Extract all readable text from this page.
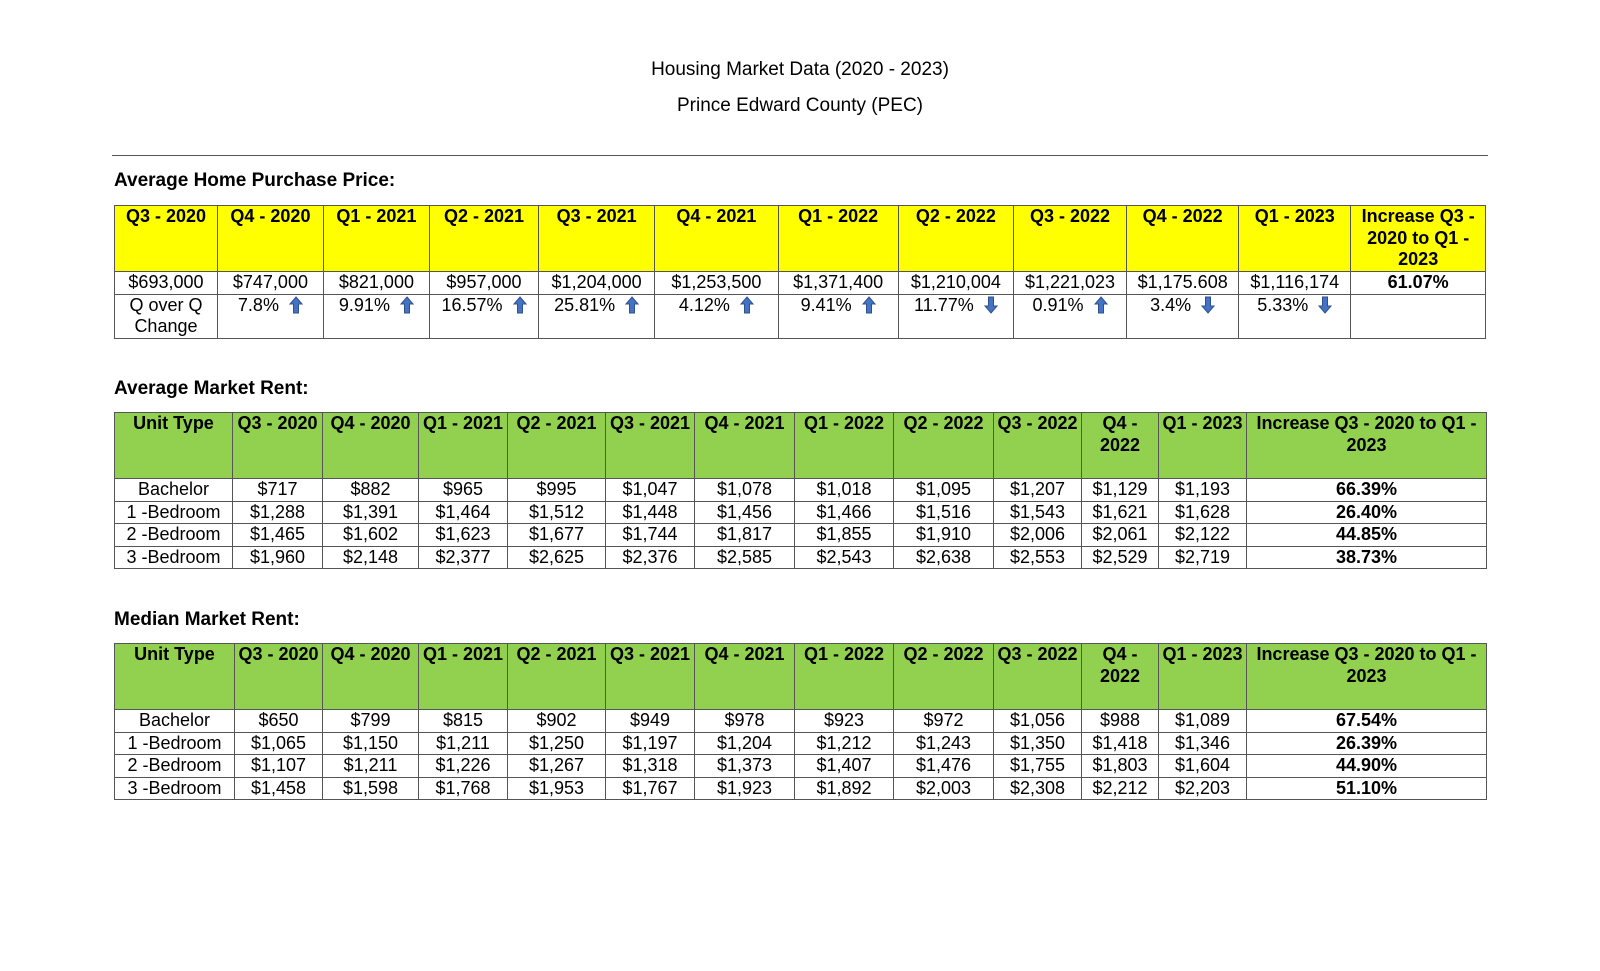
Housing Market Data (2020 - 2023)
Prince Edward County (PEC)
Average Home Purchase Price:
Q3 - 2020	Q4 - 2020	Q1 - 2021	Q2 - 2021	Q3 - 2021	Q4 - 2021	Q1 - 2022	Q2 - 2022	Q3 - 2022	Q4 - 2022	Q1 - 2023	Increase Q3 - 2020 to Q1 - 2023
$693,000	$747,000	$821,000	$957,000	$1,204,000	$1,253,500	$1,371,400	$1,210,004	$1,221,023	$1,175.608	$1,116,174	61.07%
Q over Q Change	7.8%	9.91%	16.57%	25.81%	4.12%	9.41%	11.77%	0.91%	3.4%	5.33%	

Average Market Rent:
Unit Type	Q3 - 2020	Q4 - 2020	Q1 - 2021	Q2 - 2021	Q3 - 2021	Q4 - 2021	Q1 - 2022	Q2 - 2022	Q3 - 2022	Q4 - 2022	Q1 - 2023	Increase Q3 - 2020 to Q1 - 2023
Bachelor	$717	$882	$965	$995	$1,047	$1,078	$1,018	$1,095	$1,207	$1,129	$1,193	66.39%
1 -Bedroom	$1,288	$1,391	$1,464	$1,512	$1,448	$1,456	$1,466	$1,516	$1,543	$1,621	$1,628	26.40%
2 -Bedroom	$1,465	$1,602	$1,623	$1,677	$1,744	$1,817	$1,855	$1,910	$2,006	$2,061	$2,122	44.85%
3 -Bedroom	$1,960	$2,148	$2,377	$2,625	$2,376	$2,585	$2,543	$2,638	$2,553	$2,529	$2,719	38.73%
Median Market Rent:
Unit Type	Q3 - 2020	Q4 - 2020	Q1 - 2021	Q2 - 2021	Q3 - 2021	Q4 - 2021	Q1 - 2022	Q2 - 2022	Q3 - 2022	Q4 - 2022	Q1 - 2023	Increase Q3 - 2020 to Q1 - 2023
Bachelor	$650	$799	$815	$902	$949	$978	$923	$972	$1,056	$988	$1,089	67.54%
1 -Bedroom	$1,065	$1,150	$1,211	$1,250	$1,197	$1,204	$1,212	$1,243	$1,350	$1,418	$1,346	26.39%
2 -Bedroom	$1,107	$1,211	$1,226	$1,267	$1,318	$1,373	$1,407	$1,476	$1,755	$1,803	$1,604	44.90%
3 -Bedroom	$1,458	$1,598	$1,768	$1,953	$1,767	$1,923	$1,892	$2,003	$2,308	$2,212	$2,203	51.10%
